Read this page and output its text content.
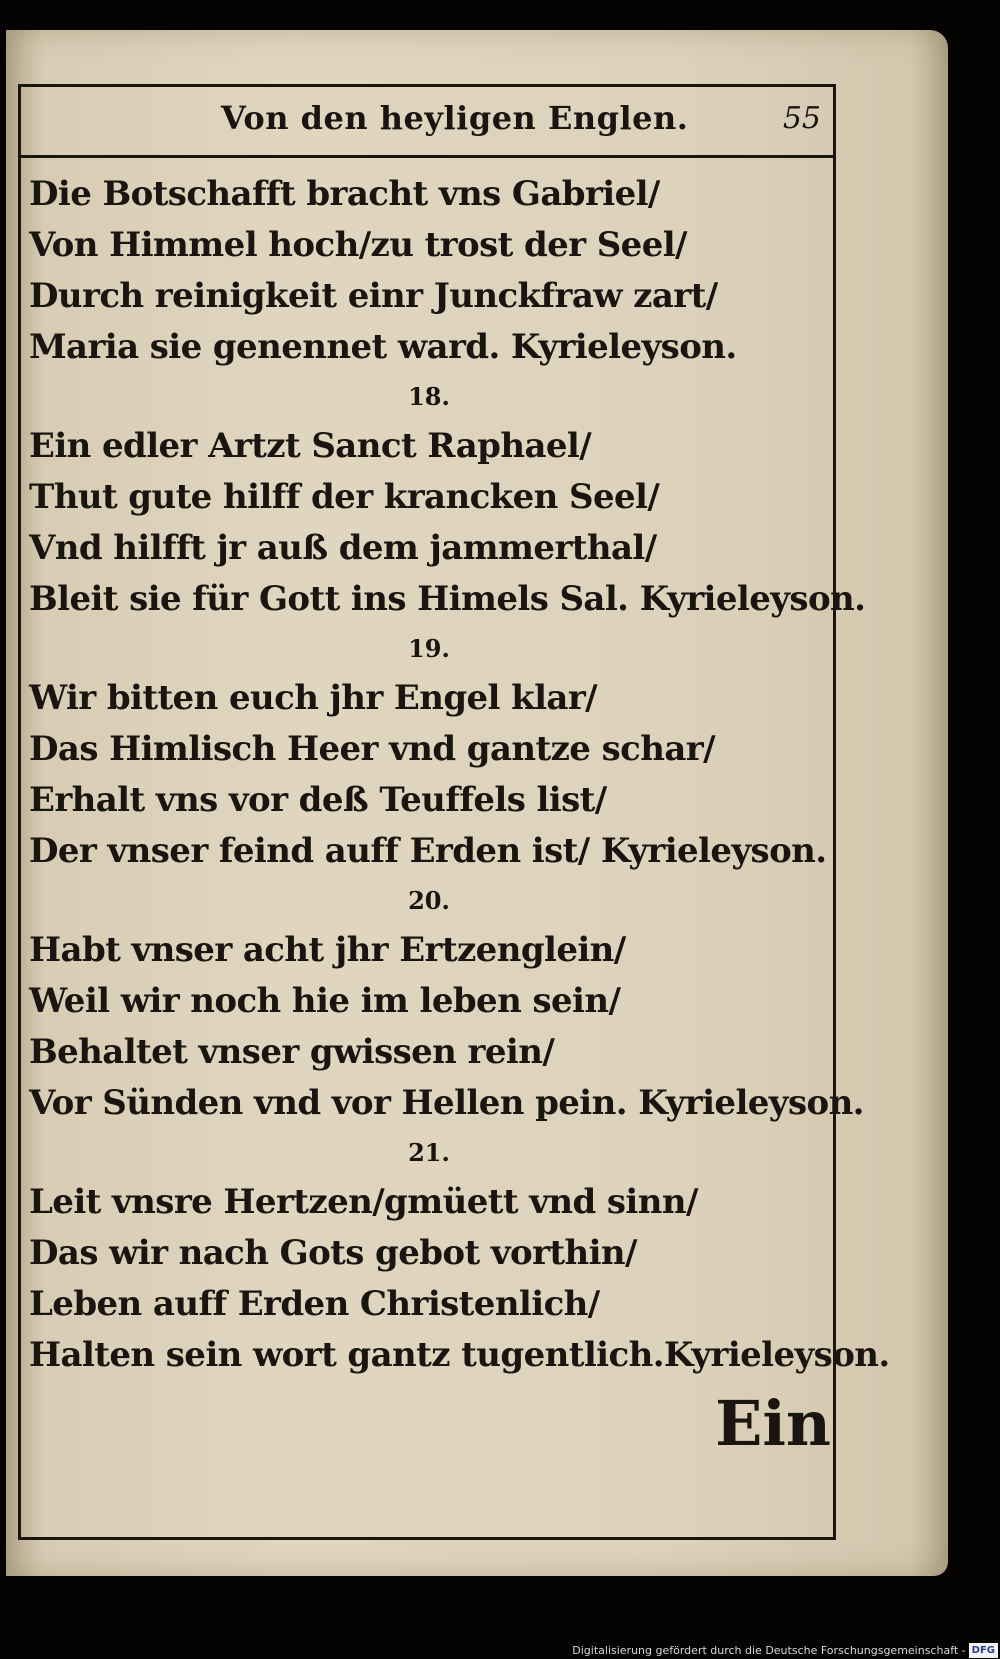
Von den heyligen Englen.	55
Die Botschafft bracht vns Gabriel/
Von Himmel hoch/zu trost der Seel/
Durch reinigkeit einr Junckfraw zart/
Maria sie genennet ward. Kyrieleyson.
18.
Ein edler Artzt Sanct Raphael/
Thut gute hilff der krancken Seel/
Vnd hilfft jr auß dem jammerthal/
Bleit sie für Gott ins Himels Sal. Kyrieleyson.
19.
Wir bitten euch jhr Engel klar/
Das Himlisch Heer vnd gantze schar/
Erhalt vns vor deß Teuffels list/
Der vnser feind auff Erden ist/ Kyrieleyson.
20.
Habt vnser acht jhr Ertzenglein/
Weil wir noch hie im leben sein/
Behaltet vnser gwissen rein/
Vor Sünden vnd vor Hellen pein. Kyrieleyson.
21.
Leit vnsre Hertzen/gmüett vnd sinn/
Das wir nach Gots gebot vorthin/
Leben auff Erden Christenlich/
Halten sein wort gantz tugentlich.Kyrieleyson.
Ein
Digitalisierung gefördert durch die Deutsche Forschungsgemeinschaft - DFG
